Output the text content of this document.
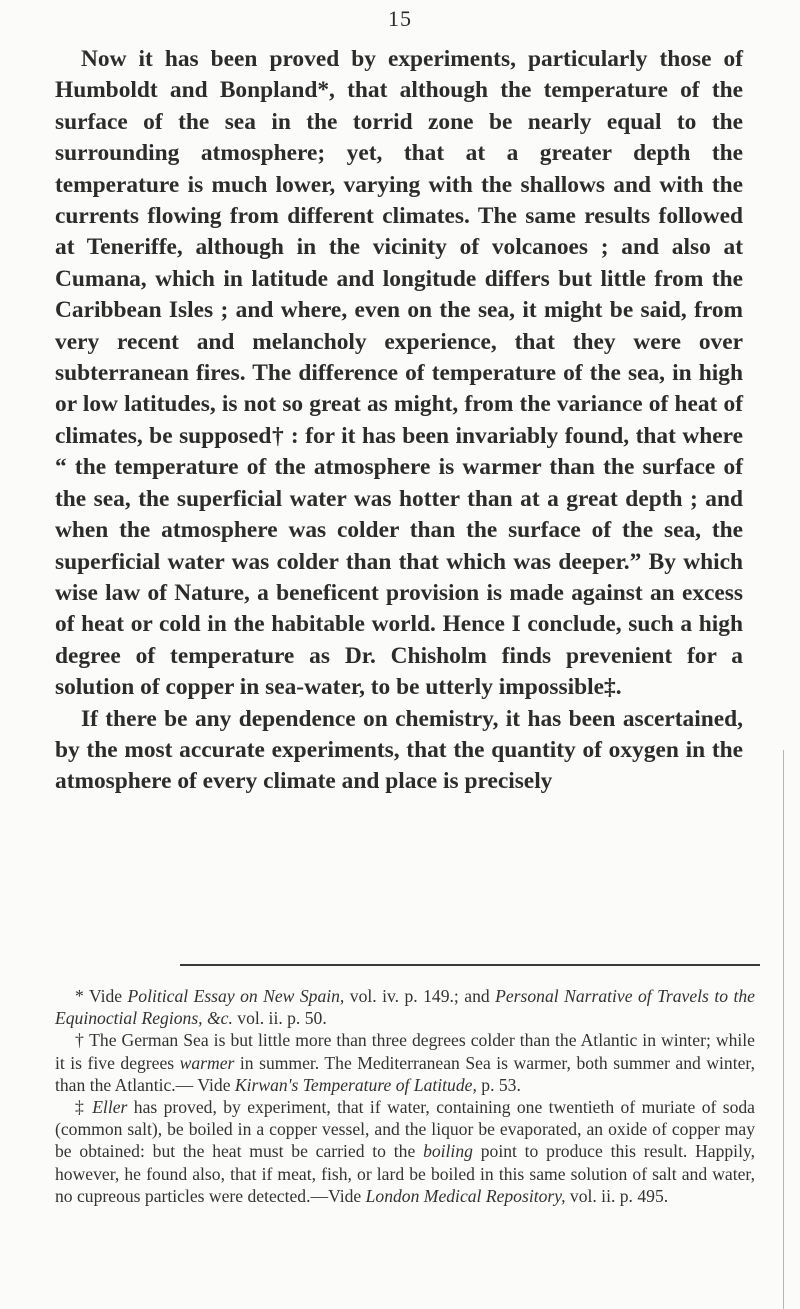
15

Now it has been proved by experiments, particularly those of Humboldt and Bonpland*, that although the temperature of the surface of the sea in the torrid zone be nearly equal to the surrounding atmosphere; yet, that at a greater depth the temperature is much lower, varying with the shallows and with the currents flowing from different climates. The same results followed at Teneriffe, although in the vicinity of volcanoes ; and also at Cumana, which in latitude and longitude differs but little from the Caribbean Isles ; and where, even on the sea, it might be said, from very recent and melancholy experience, that they were over subterranean fires. The difference of temperature of the sea, in high or low latitudes, is not so great as might, from the variance of heat of climates, be supposed† : for it has been invariably found, that where “ the temperature of the atmosphere is warmer than the surface of the sea, the superficial water was hotter than at a great depth ; and when the atmosphere was colder than the surface of the sea, the superficial water was colder than that which was deeper.” By which wise law of Nature, a beneficent provision is made against an excess of heat or cold in the habitable world. Hence I conclude, such a high degree of temperature as Dr. Chisholm finds prevenient for a solution of copper in sea-water, to be utterly impossible‡.

If there be any dependence on chemistry, it has been ascertained, by the most accurate experiments, that the quantity of oxygen in the atmosphere of every climate and place is precisely

* Vide Political Essay on New Spain, vol. iv. p. 149.; and Personal Narrative of Travels to the Equinoctial Regions, &c. vol. ii. p. 50.

† The German Sea is but little more than three degrees colder than the Atlantic in winter; while it is five degrees warmer in summer. The Mediterranean Sea is warmer, both summer and winter, than the Atlantic.— Vide Kirwan's Temperature of Latitude, p. 53.

‡ Eller has proved, by experiment, that if water, containing one twentieth of muriate of soda (common salt), be boiled in a copper vessel, and the liquor be evaporated, an oxide of copper may be obtained: but the heat must be carried to the boiling point to produce this result. Happily, however, he found also, that if meat, fish, or lard be boiled in this same solution of salt and water, no cupreous particles were detected.—Vide London Medical Repository, vol. ii. p. 495.
